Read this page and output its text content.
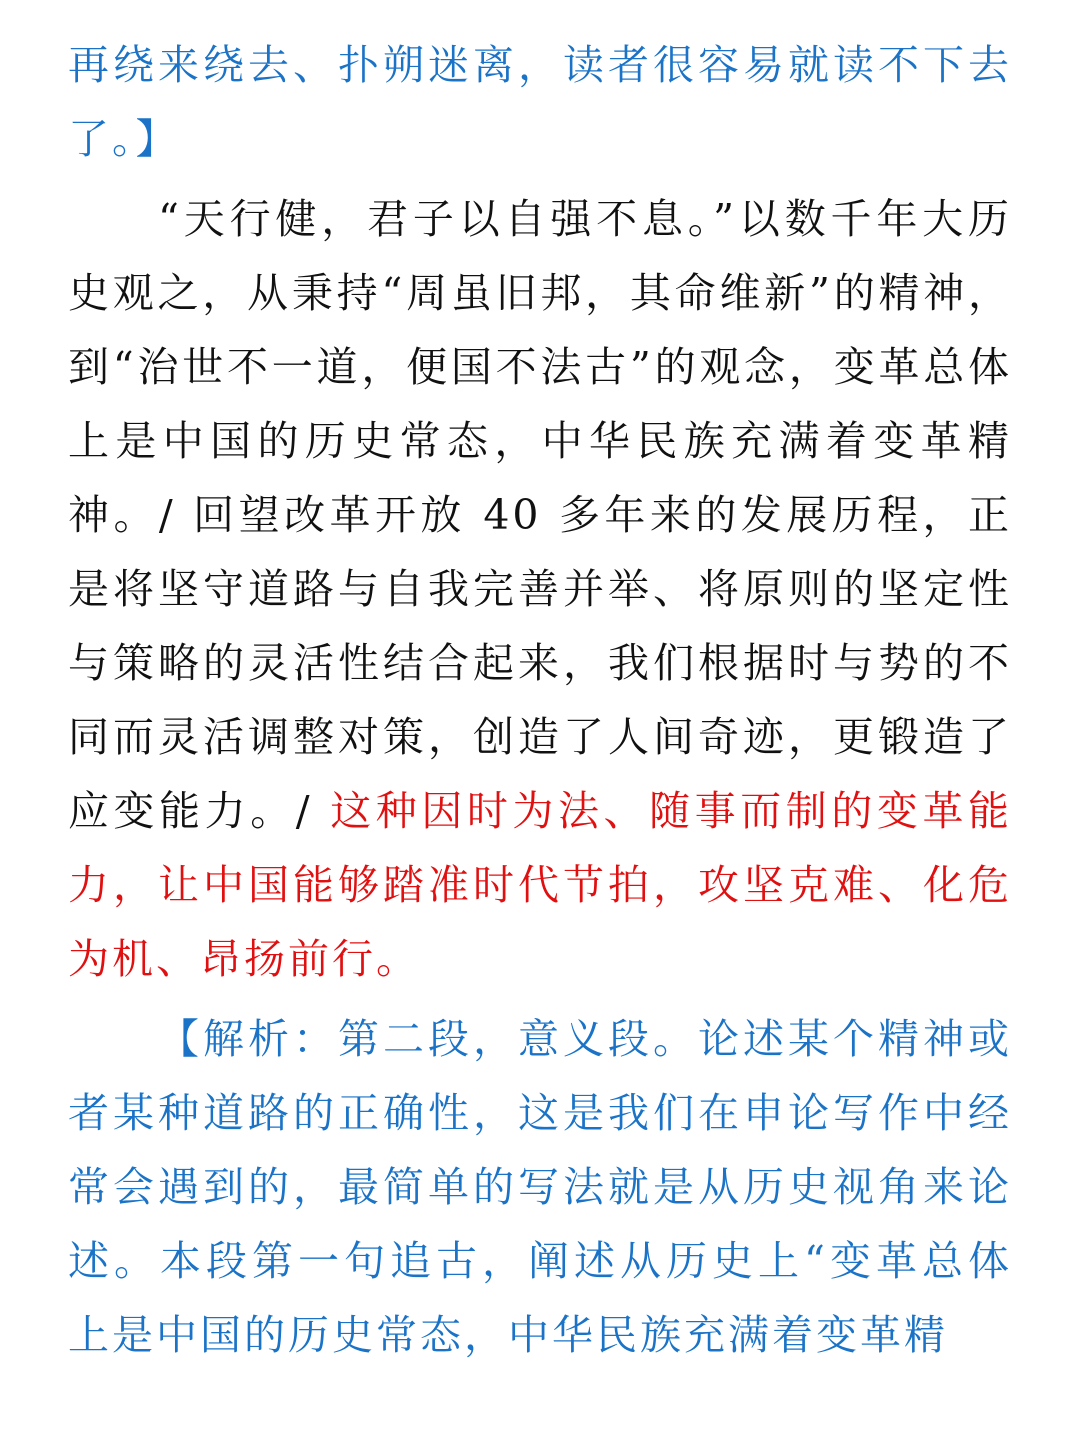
再绕来绕去、扑朔迷离，读者很容易就读不下去了。】

“天行健，君子以自强不息。”以数千年大历史观之，从秉持“周虽旧邦，其命维新”的精神，到“治世不一道，便国不法古”的观念，变革总体上是中国的历史常态，中华民族充满着变革精神。/ 回望改革开放 40 多年来的发展历程，正是将坚守道路与自我完善并举、将原则的坚定性与策略的灵活性结合起来，我们根据时与势的不同而灵活调整对策，创造了人间奇迹，更锻造了应变能力。/ 这种因时为法、随事而制的变革能力，让中国能够踏准时代节拍，攻坚克难、化危为机、昂扬前行。

【解析：第二段，意义段。论述某个精神或者某种道路的正确性，这是我们在申论写作中经常会遇到的，最简单的写法就是从历史视角来论述。本段第一句追古，阐述从历史上“变革总体上是中国的历史常态，中华民族充满着变革精
